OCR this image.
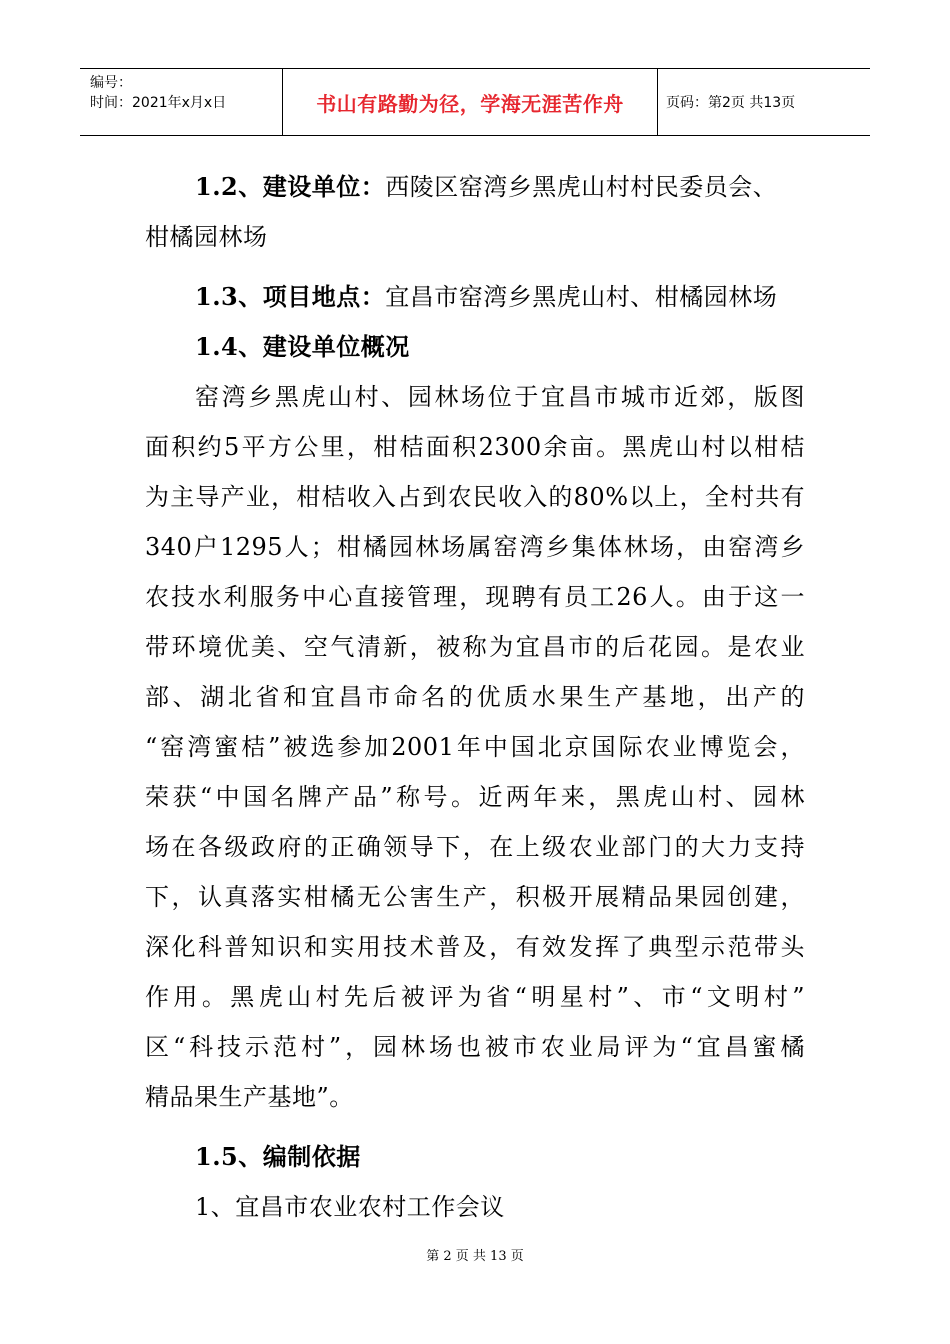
编号：
时间：2021年x月x日	书山有路勤为径，学海无涯苦作舟	页码：第2页 共13页
1.2、建设单位：西陵区窑湾乡黑虎山村村民委员会、
柑橘园林场
1.3、项目地点：宜昌市窑湾乡黑虎山村、柑橘园林场
1.4、建设单位概况
窑湾乡黑虎山村、园林场位于宜昌市城市近郊，版图
面积约5平方公里，柑桔面积2300余亩。黑虎山村以柑桔
为主导产业，柑桔收入占到农民收入的80%以上，全村共有
340户1295人；柑橘园林场属窑湾乡集体林场，由窑湾乡
农技水利服务中心直接管理，现聘有员工26人。由于这一
带环境优美、空气清新，被称为宜昌市的后花园。是农业
部、湖北省和宜昌市命名的优质水果生产基地，出产的
“窑湾蜜桔”被选参加2001年中国北京国际农业博览会，
荣获“中国名牌产品”称号。近两年来，黑虎山村、园林
场在各级政府的正确领导下，在上级农业部门的大力支持
下，认真落实柑橘无公害生产，积极开展精品果园创建，
深化科普知识和实用技术普及，有效发挥了典型示范带头
作用。黑虎山村先后被评为省“明星村”、市“文明村”
区“科技示范村”，园林场也被市农业局评为“宜昌蜜橘
精品果生产基地”。
1.5、编制依据
1、宜昌市农业农村工作会议
第 2 页 共 13 页
